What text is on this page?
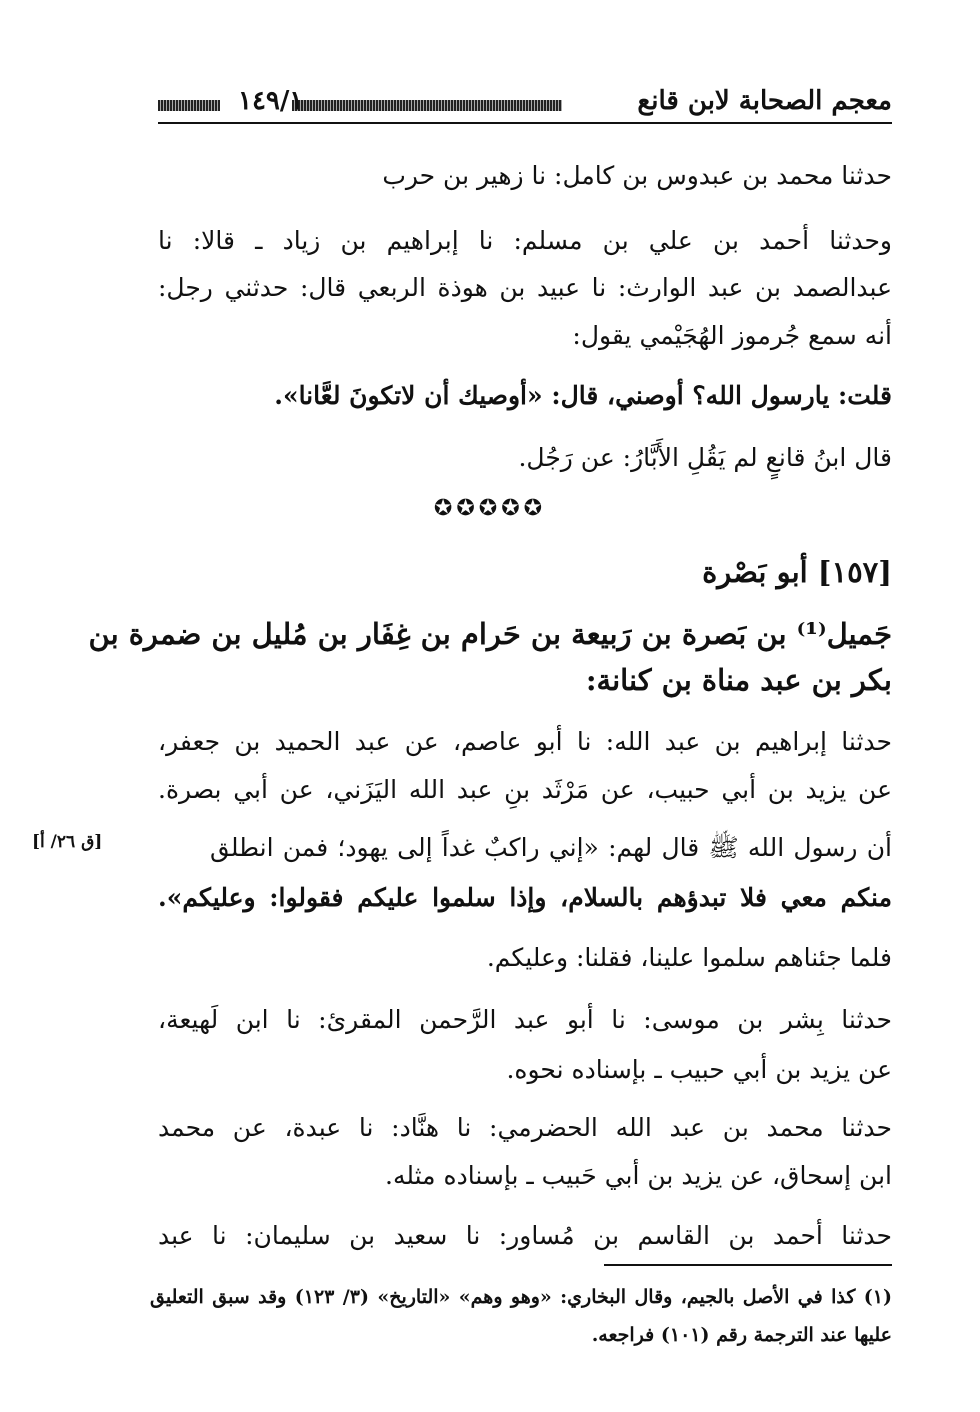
معجم الصحابة لابن قانع
١٤٩/١
حدثنا محمد بن عبدوس بن كامل: نا زهير بن حرب
وحدثنا أحمد بن علي بن مسلم: نا إبراهيم بن زياد ـ قالا: نا
عبدالصمد بن عبد الوارث: نا عبيد بن هوذة الربعي قال: حدثني رجل:
أنه سمع جُرموز الهُجَيْمي يقول:
قلت: يارسول الله؟ أوصني، قال: «أوصيك أن لاتكونَ لعَّانا».
قال ابنُ قانعٍ لم يَقُلِ الأَبَّارُ: عن رَجُل.
✪✪✪✪✪
[١٥٧] أبو بَصْرة
جَميل⁽¹⁾ بن بَصرة بن رَبيعة بن حَرام بن غِفَار بن مُليل بن ضمرة بن
بكر بن عبد مناة بن كنانة:
حدثنا إبراهيم بن عبد الله: نا أبو عاصم، عن عبد الحميد بن جعفر،
عن يزيد بن أبي حبيب، عن مَرْثَد بنِ عبد الله اليَزَني، عن أبي بصرة.
أن رسول الله ﷺ قال لهم: «إني راكبٌ غداً إلى يهود؛ فمن انطلق
[ق ٢٦/ أ]
منكم معي فلا تبدؤهم بالسلام، وإذا سلموا عليكم فقولوا: وعليكم».
فلما جئناهم سلموا علينا، فقلنا: وعليكم.
حدثنا بِشر بن موسى: نا أبو عبد الرَّحمن المقرئ: نا ابن لَهيعة،
عن يزيد بن أبي حبيب ـ بإسناده نحوه.
حدثنا محمد بن عبد الله الحضرمي: نا هنَّاد: نا عبدة، عن محمد
ابن إسحاق، عن يزيد بن أبي حَبيب ـ بإسناده مثله.
حدثنا أحمد بن القاسم بن مُساور: نا سعيد بن سليمان: نا عبد
(١) كذا في الأصل بالجيم، وقال البخاري: «وهو وهم» «التاريخ» (٣/ ١٢٣) وقد سبق التعليق
عليها عند الترجمة رقم (١٠١) فراجعه.
